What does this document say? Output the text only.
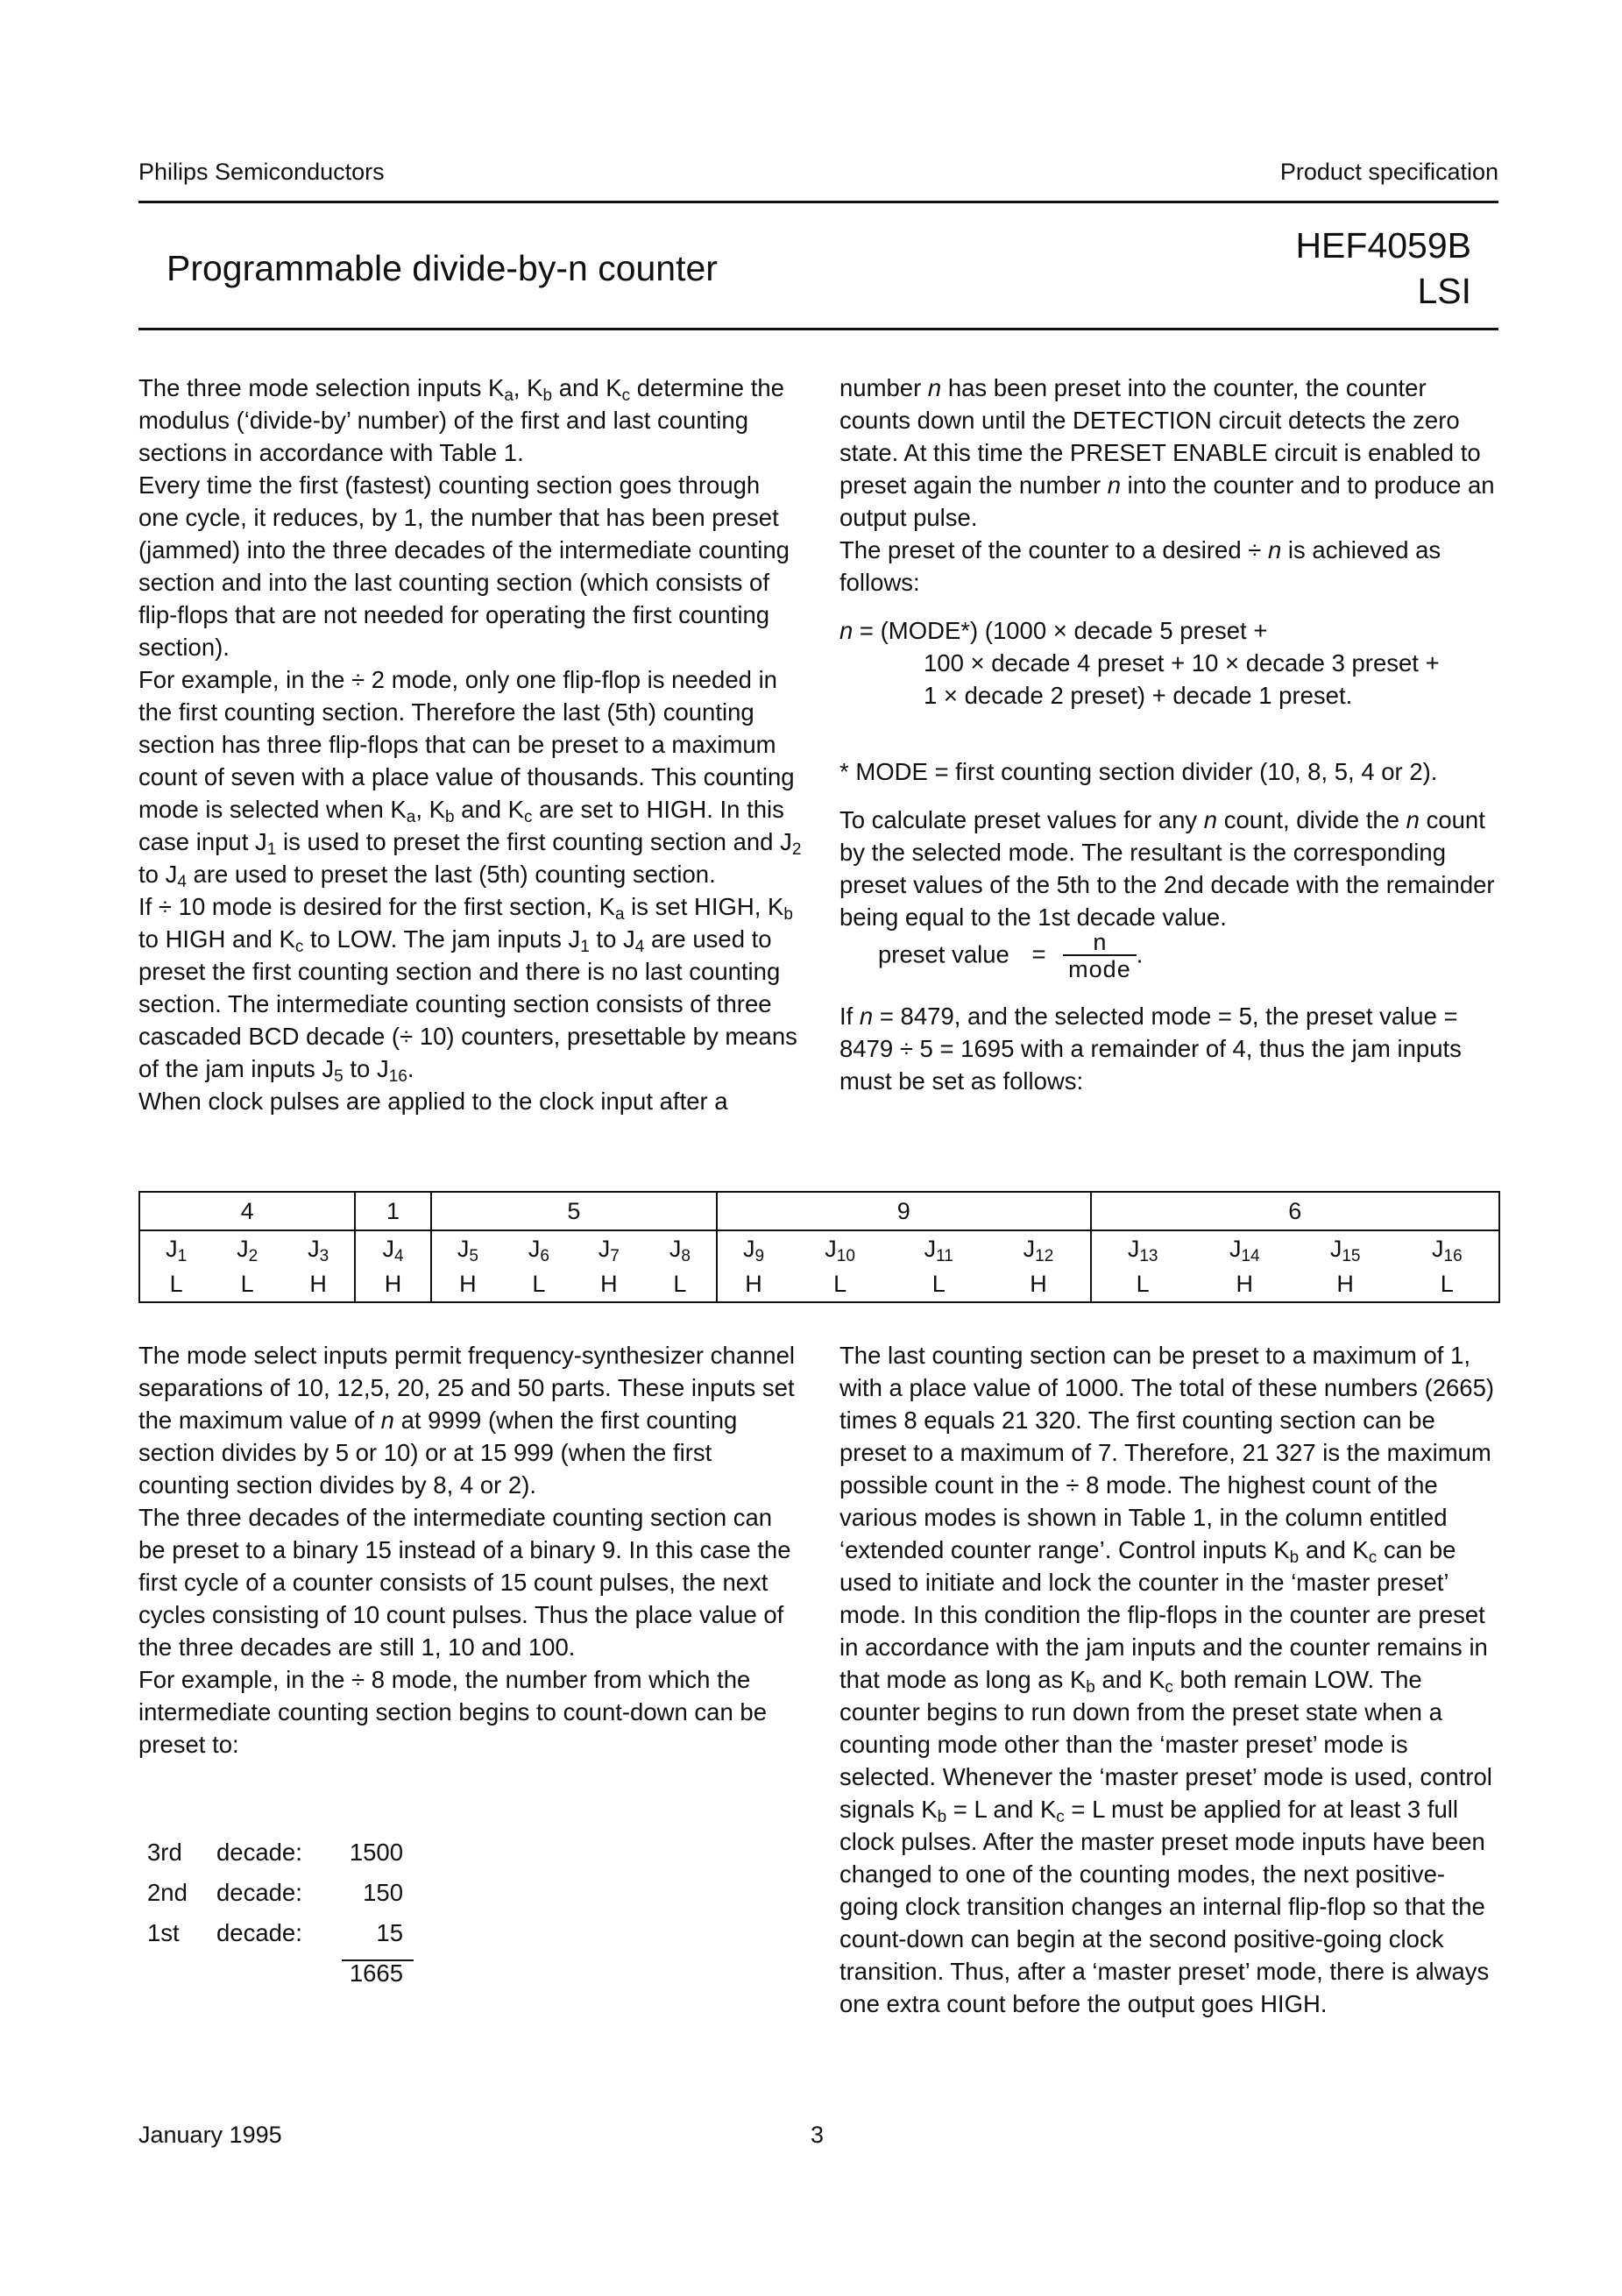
Philips Semiconductors	Product specification
Programmable divide-by-n counter
HEF4059B
LSI

The three mode selection inputs $K_a$, $K_b$ and $K_c$ determine the modulus (‘divide-by’ number) of the first and last counting sections in accordance with Table 1.

Every time the first (fastest) counting section goes through one cycle, it reduces, by 1, the number that has been preset (jammed) into the three decades of the intermediate counting section and into the last counting section (which consists of flip-flops that are not needed for operating the first counting section).

For example, in the ÷ 2 mode, only one flip-flop is needed in the first counting section. Therefore the last (5th) counting section has three flip-flops that can be preset to a maximum count of seven with a place value of thousands. This counting mode is selected when $K_a$, $K_b$ and $K_c$ are set to HIGH. In this case input $J_1$ is used to preset the first counting section and $J_2$ to $J_4$ are used to preset the last (5th) counting section.

If ÷ 10 mode is desired for the first section, $K_a$ is set HIGH, $K_b$ to HIGH and $K_c$ to LOW. The jam inputs $J_1$ to $J_4$ are used to preset the first counting section and there is no last counting section. The intermediate counting section consists of three cascaded BCD decade (÷ 10) counters, presettable by means of the jam inputs $J_5$ to $J_{16}$.

When clock pulses are applied to the clock input after a

number n has been preset into the counter, the counter counts down until the DETECTION circuit detects the zero state. At this time the PRESET ENABLE circuit is enabled to preset again the number n into the counter and to produce an output pulse.

The preset of the counter to a desired ÷ n is achieved as follows:

n = (MODE*) (1000 × decade 5 preset +
100 × decade 4 preset + 10 × decade 3 preset +
1 × decade 2 preset) + decade 1 preset.

* MODE = first counting section divider (10, 8, 5, 4 or 2).

To calculate preset values for any n count, divide the n count by the selected mode. The resultant is the corresponding preset values of the 5th to the 2nd decade with the remainder being equal to the 1st decade value.

preset value = $\frac{n}{\text{mode}}$ .

If n = 8479, and the selected mode = 5, the preset value = 8479 ÷ 5 = 1695 with a remainder of 4, thus the jam inputs must be set as follows:

4			1	5				9				6			
$J_1$	$J_2$	$J_3$	$J_4$	$J_5$	$J_6$	$J_7$	$J_8$	$J_9$	$J_{10}$	$J_{11}$	$J_{12}$	$J_{13}$	$J_{14}$	$J_{15}$	$J_{16}$
L	L	H	H	H	L	H	L	H	L	L	H	L	H	H	L

The mode select inputs permit frequency-synthesizer channel separations of 10, 12,5, 20, 25 and 50 parts. These inputs set the maximum value of n at 9999 (when the first counting section divides by 5 or 10) or at 15 999 (when the first counting section divides by 8, 4 or 2).

The three decades of the intermediate counting section can be preset to a binary 15 instead of a binary 9. In this case the first cycle of a counter consists of 15 count pulses, the next cycles consisting of 10 count pulses. Thus the place value of the three decades are still 1, 10 and 100.

For example, in the ÷ 8 mode, the number from which the intermediate counting section begins to count-down can be preset to:

3rd decade:	1500
2nd decade:	150
1st decade:	15
1665

The last counting section can be preset to a maximum of 1, with a place value of 1000. The total of these numbers (2665) times 8 equals 21 320. The first counting section can be preset to a maximum of 7. Therefore, 21 327 is the maximum possible count in the ÷ 8 mode. The highest count of the various modes is shown in Table 1, in the column entitled ‘extended counter range’. Control inputs $K_b$ and $K_c$ can be used to initiate and lock the counter in the ‘master preset’ mode. In this condition the flip-flops in the counter are preset in accordance with the jam inputs and the counter remains in that mode as long as $K_b$ and $K_c$ both remain LOW. The counter begins to run down from the preset state when a counting mode other than the ‘master preset’ mode is selected. Whenever the ‘master preset’ mode is used, control signals $K_b = L$ and $K_c = L$ must be applied for at least 3 full clock pulses. After the master preset mode inputs have been changed to one of the counting modes, the next positive-going clock transition changes an internal flip-flop so that the count-down can begin at the second positive-going clock transition. Thus, after a ‘master preset’ mode, there is always one extra count before the output goes HIGH.

January 1995	3
